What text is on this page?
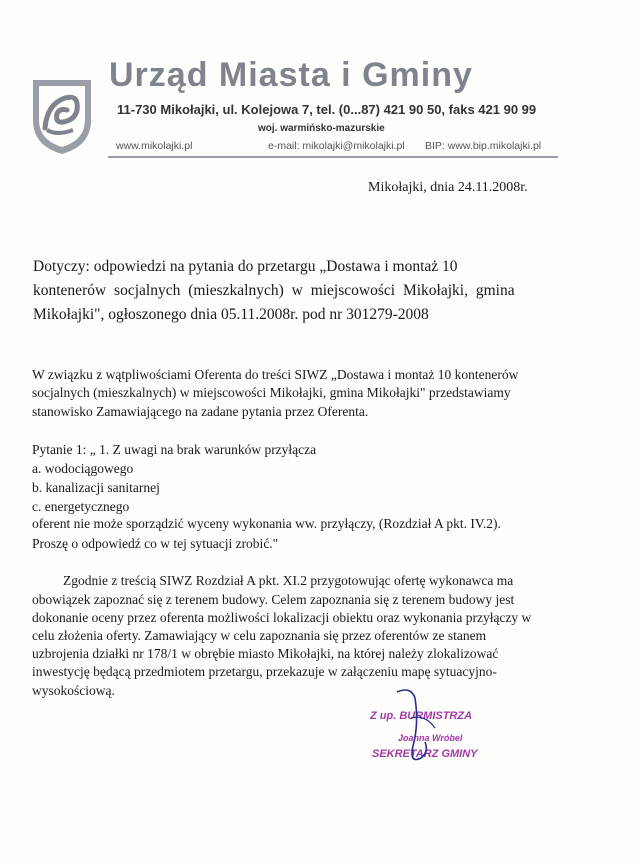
Urząd Miasta i Gminy
11-730 Mikołajki, ul. Kolejowa 7, tel. (0...87) 421 90 50, faks 421 90 99
woj. warmińsko-mazurskie
www.mikolajki.pl	e-mail: mikolajki@mikolajki.pl BIP: www.bip.mikolajki.pl
Mikołajki, dnia 24.11.2008r.
Dotyczy: odpowiedzi na pytania do przetargu „Dostawa i montaż 10
kontenerów socjalnych (mieszkalnych) w miejscowości Mikołajki, gmina
Mikołajki", ogłoszonego dnia 05.11.2008r. pod nr 301279-2008
W związku z wątpliwościami Oferenta do treści SIWZ „Dostawa i montaż 10 kontenerów
socjalnych (mieszkalnych) w miejscowości Mikołajki, gmina Mikołajki" przedstawiamy
stanowisko Zamawiającego na zadane pytania przez Oferenta.
Pytanie 1: „ 1. Z uwagi na brak warunków przyłącza
a. wodociągowego
b. kanalizacji sanitarnej
c. energetycznego
oferent nie może sporządzić wyceny wykonania ww. przyłączy, (Rozdział A pkt. IV.2).
Proszę o odpowiedź co w tej sytuacji zrobić."
Zgodnie z treścią SIWZ Rozdział A pkt. XI.2 przygotowując ofertę wykonawca ma
obowiązek zapoznać się z terenem budowy. Celem zapoznania się z terenem budowy jest
dokonanie oceny przez oferenta możliwości lokalizacji obiektu oraz wykonania przyłączy w
celu złożenia oferty. Zamawiający w celu zapoznania się przez oferentów ze stanem
uzbrojenia działki nr 178/1 w obrębie miasto Mikołajki, na której należy zlokalizować
inwestycję będącą przedmiotem przetargu, przekazuje w załączeniu mapę sytuacyjno-
wysokościową.
Z up. BURMISTRZA
Joanna Wróbel
SEKRETARZ GMINY
